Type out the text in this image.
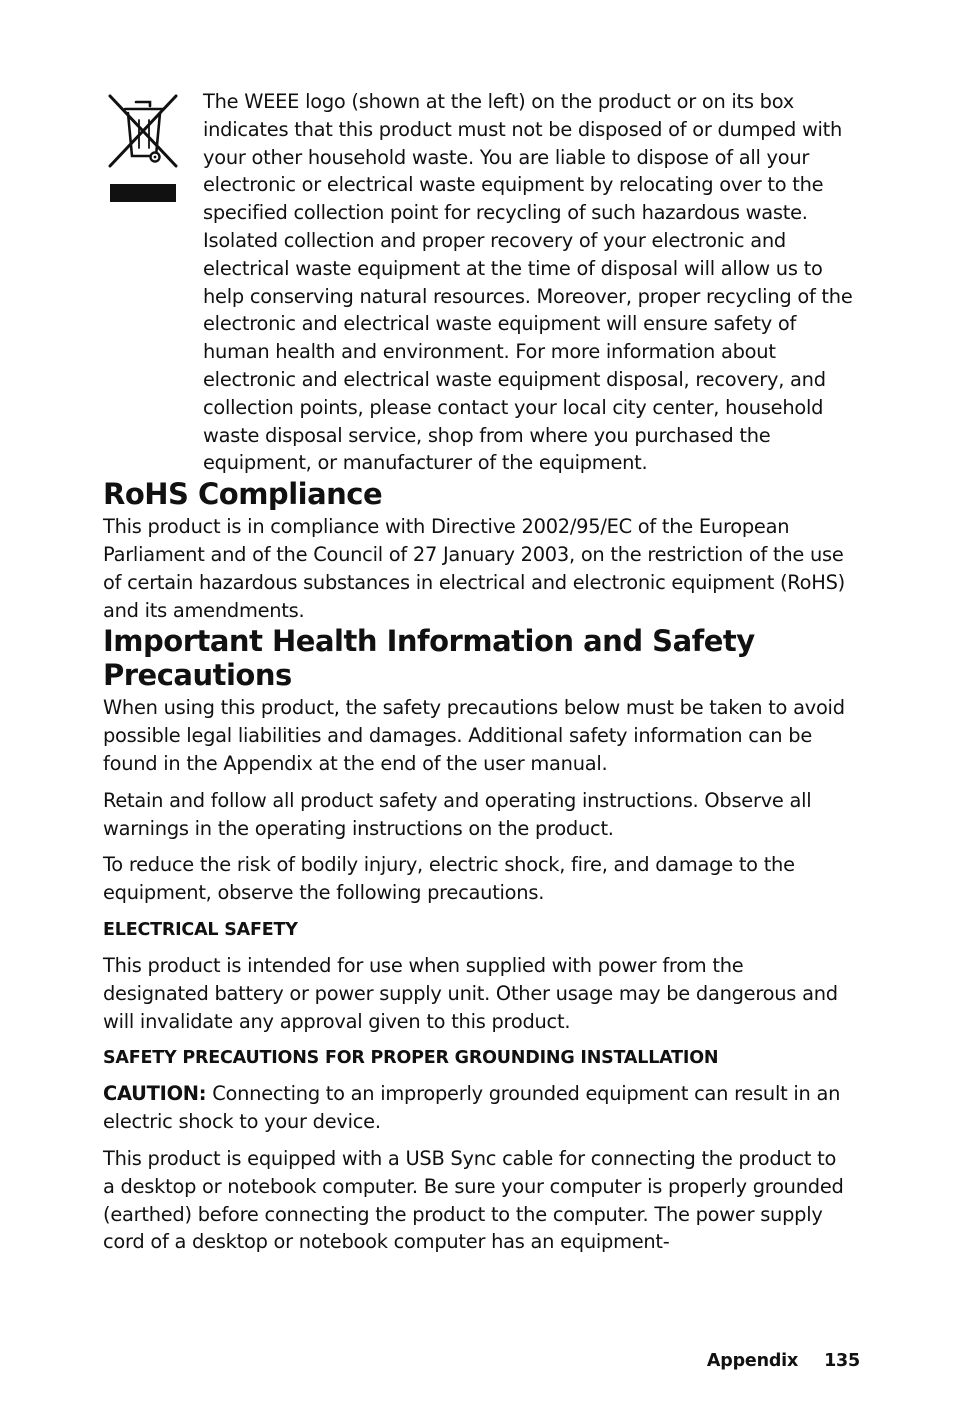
The WEEE logo (shown at the left) on the product or on its box indicates that this product must not be disposed of or dumped with your other household waste. You are liable to dispose of all your electronic or electrical waste equipment by relocating over to the specified collection point for recycling of such hazardous waste. Isolated collection and proper recovery of your electronic and electrical waste equipment at the time of disposal will allow us to help conserving natural resources. Moreover, proper recycling of the electronic and electrical waste equipment will ensure safety of human health and environment. For more information about electronic and electrical waste equipment disposal, recovery, and collection points, please contact your local city center, household waste disposal service, shop from where you purchased the equipment, or manufacturer of the equipment.

RoHS Compliance

This product is in compliance with Directive 2002/95/EC of the European Parliament and of the Council of 27 January 2003, on the restriction of the use of certain hazardous substances in electrical and electronic equipment (RoHS) and its amendments.

Important Health Information and Safety Precautions

When using this product, the safety precautions below must be taken to avoid possible legal liabilities and damages. Additional safety information can be found in the Appendix at the end of the user manual.

Retain and follow all product safety and operating instructions. Observe all warnings in the operating instructions on the product.

To reduce the risk of bodily injury, electric shock, fire, and damage to the equipment, observe the following precautions.

ELECTRICAL SAFETY

This product is intended for use when supplied with power from the designated battery or power supply unit. Other usage may be dangerous and will invalidate any approval given to this product.

SAFETY PRECAUTIONS FOR PROPER GROUNDING INSTALLATION

CAUTION: Connecting to an improperly grounded equipment can result in an electric shock to your device.

This product is equipped with a USB Sync cable for connecting the product to a desktop or notebook computer. Be sure your computer is properly grounded (earthed) before connecting the product to the computer. The power supply cord of a desktop or notebook computer has an equipment-

Appendix 135
